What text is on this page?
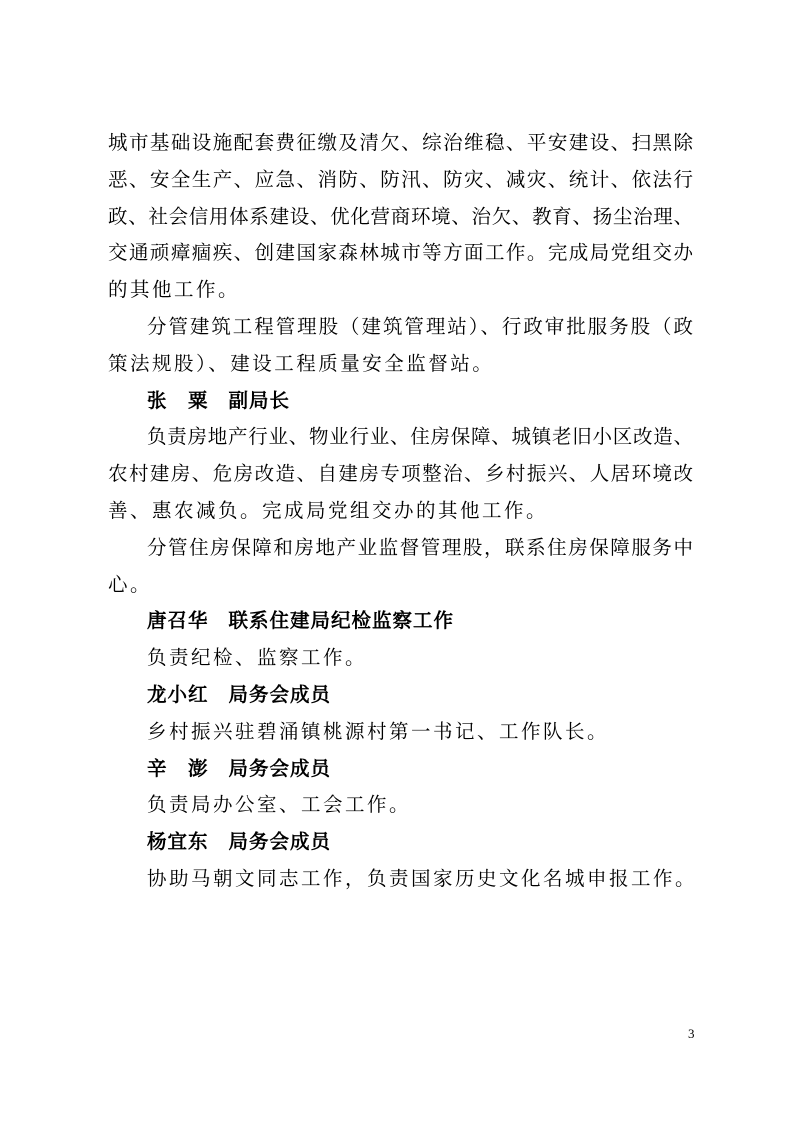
城市基础设施配套费征缴及清欠、综治维稳、平安建设、扫黑除

恶、安全生产、应急、消防、防汛、防灾、减灾、统计、依法行

政、社会信用体系建设、优化营商环境、治欠、教育、扬尘治理、

交通顽瘴痼疾、创建国家森林城市等方面工作。完成局党组交办

的其他工作。

分管建筑工程管理股（建筑管理站）、行政审批服务股（政

策法规股）、建设工程质量安全监督站。

张　粟 副局长

负责房地产行业、物业行业、住房保障、城镇老旧小区改造、

农村建房、危房改造、自建房专项整治、乡村振兴、人居环境改

善、惠农减负。完成局党组交办的其他工作。

分管住房保障和房地产业监督管理股，联系住房保障服务中

心。

唐召华 联系住建局纪检监察工作

负责纪检、监察工作。

龙小红 局务会成员

乡村振兴驻碧涌镇桃源村第一书记、工作队长。

辛　澎 局务会成员

负责局办公室、工会工作。

杨宜东 局务会成员

协助马朝文同志工作，负责国家历史文化名城申报工作。

3
